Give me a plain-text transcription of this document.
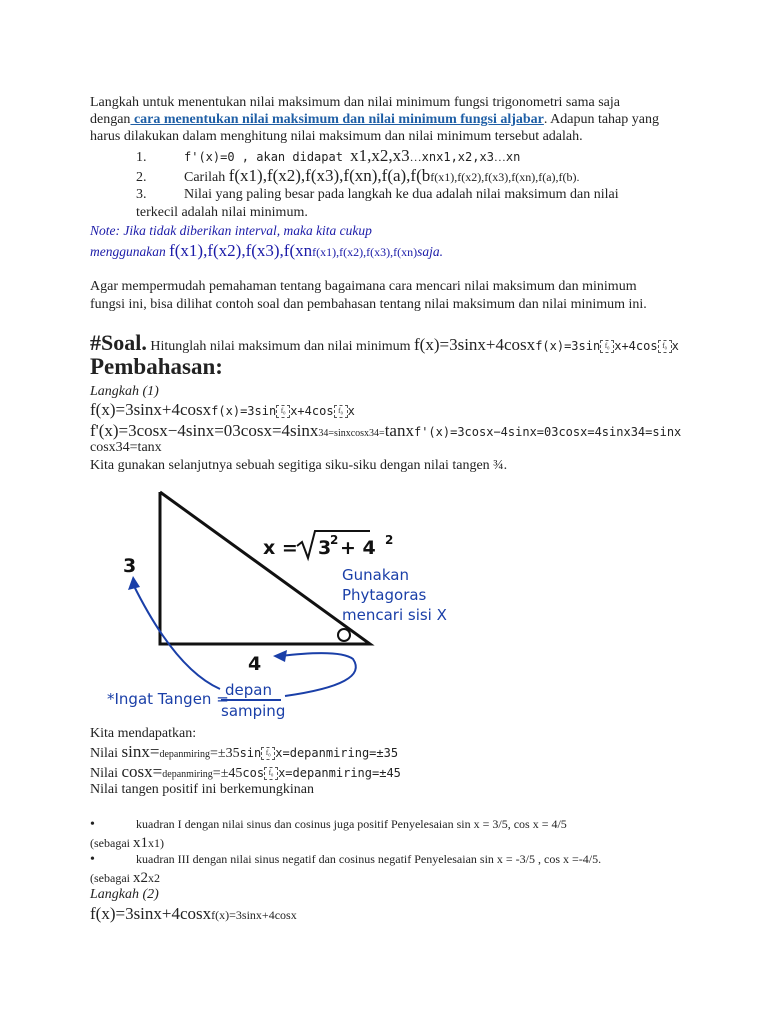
Langkah untuk menentukan nilai maksimum dan nilai minimum fungsi trigonometri sama saja

dengan cara menentukan nilai maksimum dan nilai minimum fungsi aljabar. Adapun tahap yang

harus dilakukan dalam menghitung nilai maksimum dan nilai minimum tersebut adalah.

1.	f'(x)=0 , akan didapat x1,x2,x3…xnx1,x2,x3…xn
2.	Carilah f(x1),f(x2),f(x3),f(xn),f(a),f(bf(x1),f(x2),f(x3),f(xn),f(a),f(b).
3.	Nilai yang paling besar pada langkah ke dua adalah nilai maksimum dan nilai

terkecil adalah nilai minimum.

Note: Jika tidak diberikan interval, maka kita cukup

menggunakan f(x1),f(x2),f(x3),f(xnf(x1),f(x2),f(x3),f(xn)saja.

Agar mempermudah pemahaman tentang bagaimana cara mencari nilai maksimum dan minimum

fungsi ini, bisa dilihat contoh soal dan pembahasan tentang nilai maksimum dan nilai minimum ini.

#Soal. Hitunglah nilai maksimum dan nilai minimum f(x)=3sinx+4cosxf(x)=3sin f₀ x+4cos f₀ x

Pembahasan:

Langkah (1)

f(x)=3sinx+4cosxf(x)=3sin f₀ x+4cos f₀ x
f'(x)=3cosx−4sinx=03cosx=4sinx34=sinxcosx34=tanxf'(x)=3cosx−4sinx=03cosx=4sinx34=sinx

cosx34=tanx

Kita gunakan selanjutnya sebuah segitiga siku-siku dengan nilai tangen ¾.

3
4
x = 3
2 + 4 2
Gunakan
Phytagoras
mencari sisi X
*Ingat Tangen =
depan
samping

Kita mendapatkan:

Nilai sinx=depanmiring=±35sin f₀ x=depanmiring=±35
Nilai cosx=depanmiring=±45cos f₀ x=depanmiring=±45

Nilai tangen positif ini berkemungkinan

•	kuadran I dengan nilai sinus dan cosinus juga positif Penyelesaian sin x = 3/5, cos x = 4/5

(sebagai x1x1)
•	kuadran III dengan nilai sinus negatif dan cosinus negatif Penyelesaian sin x = -3/5 , cos x =-4/5.

(sebagai x2x2

Langkah (2)

f(x)=3sinx+4cosxf(x)=3sinx+4cosx
